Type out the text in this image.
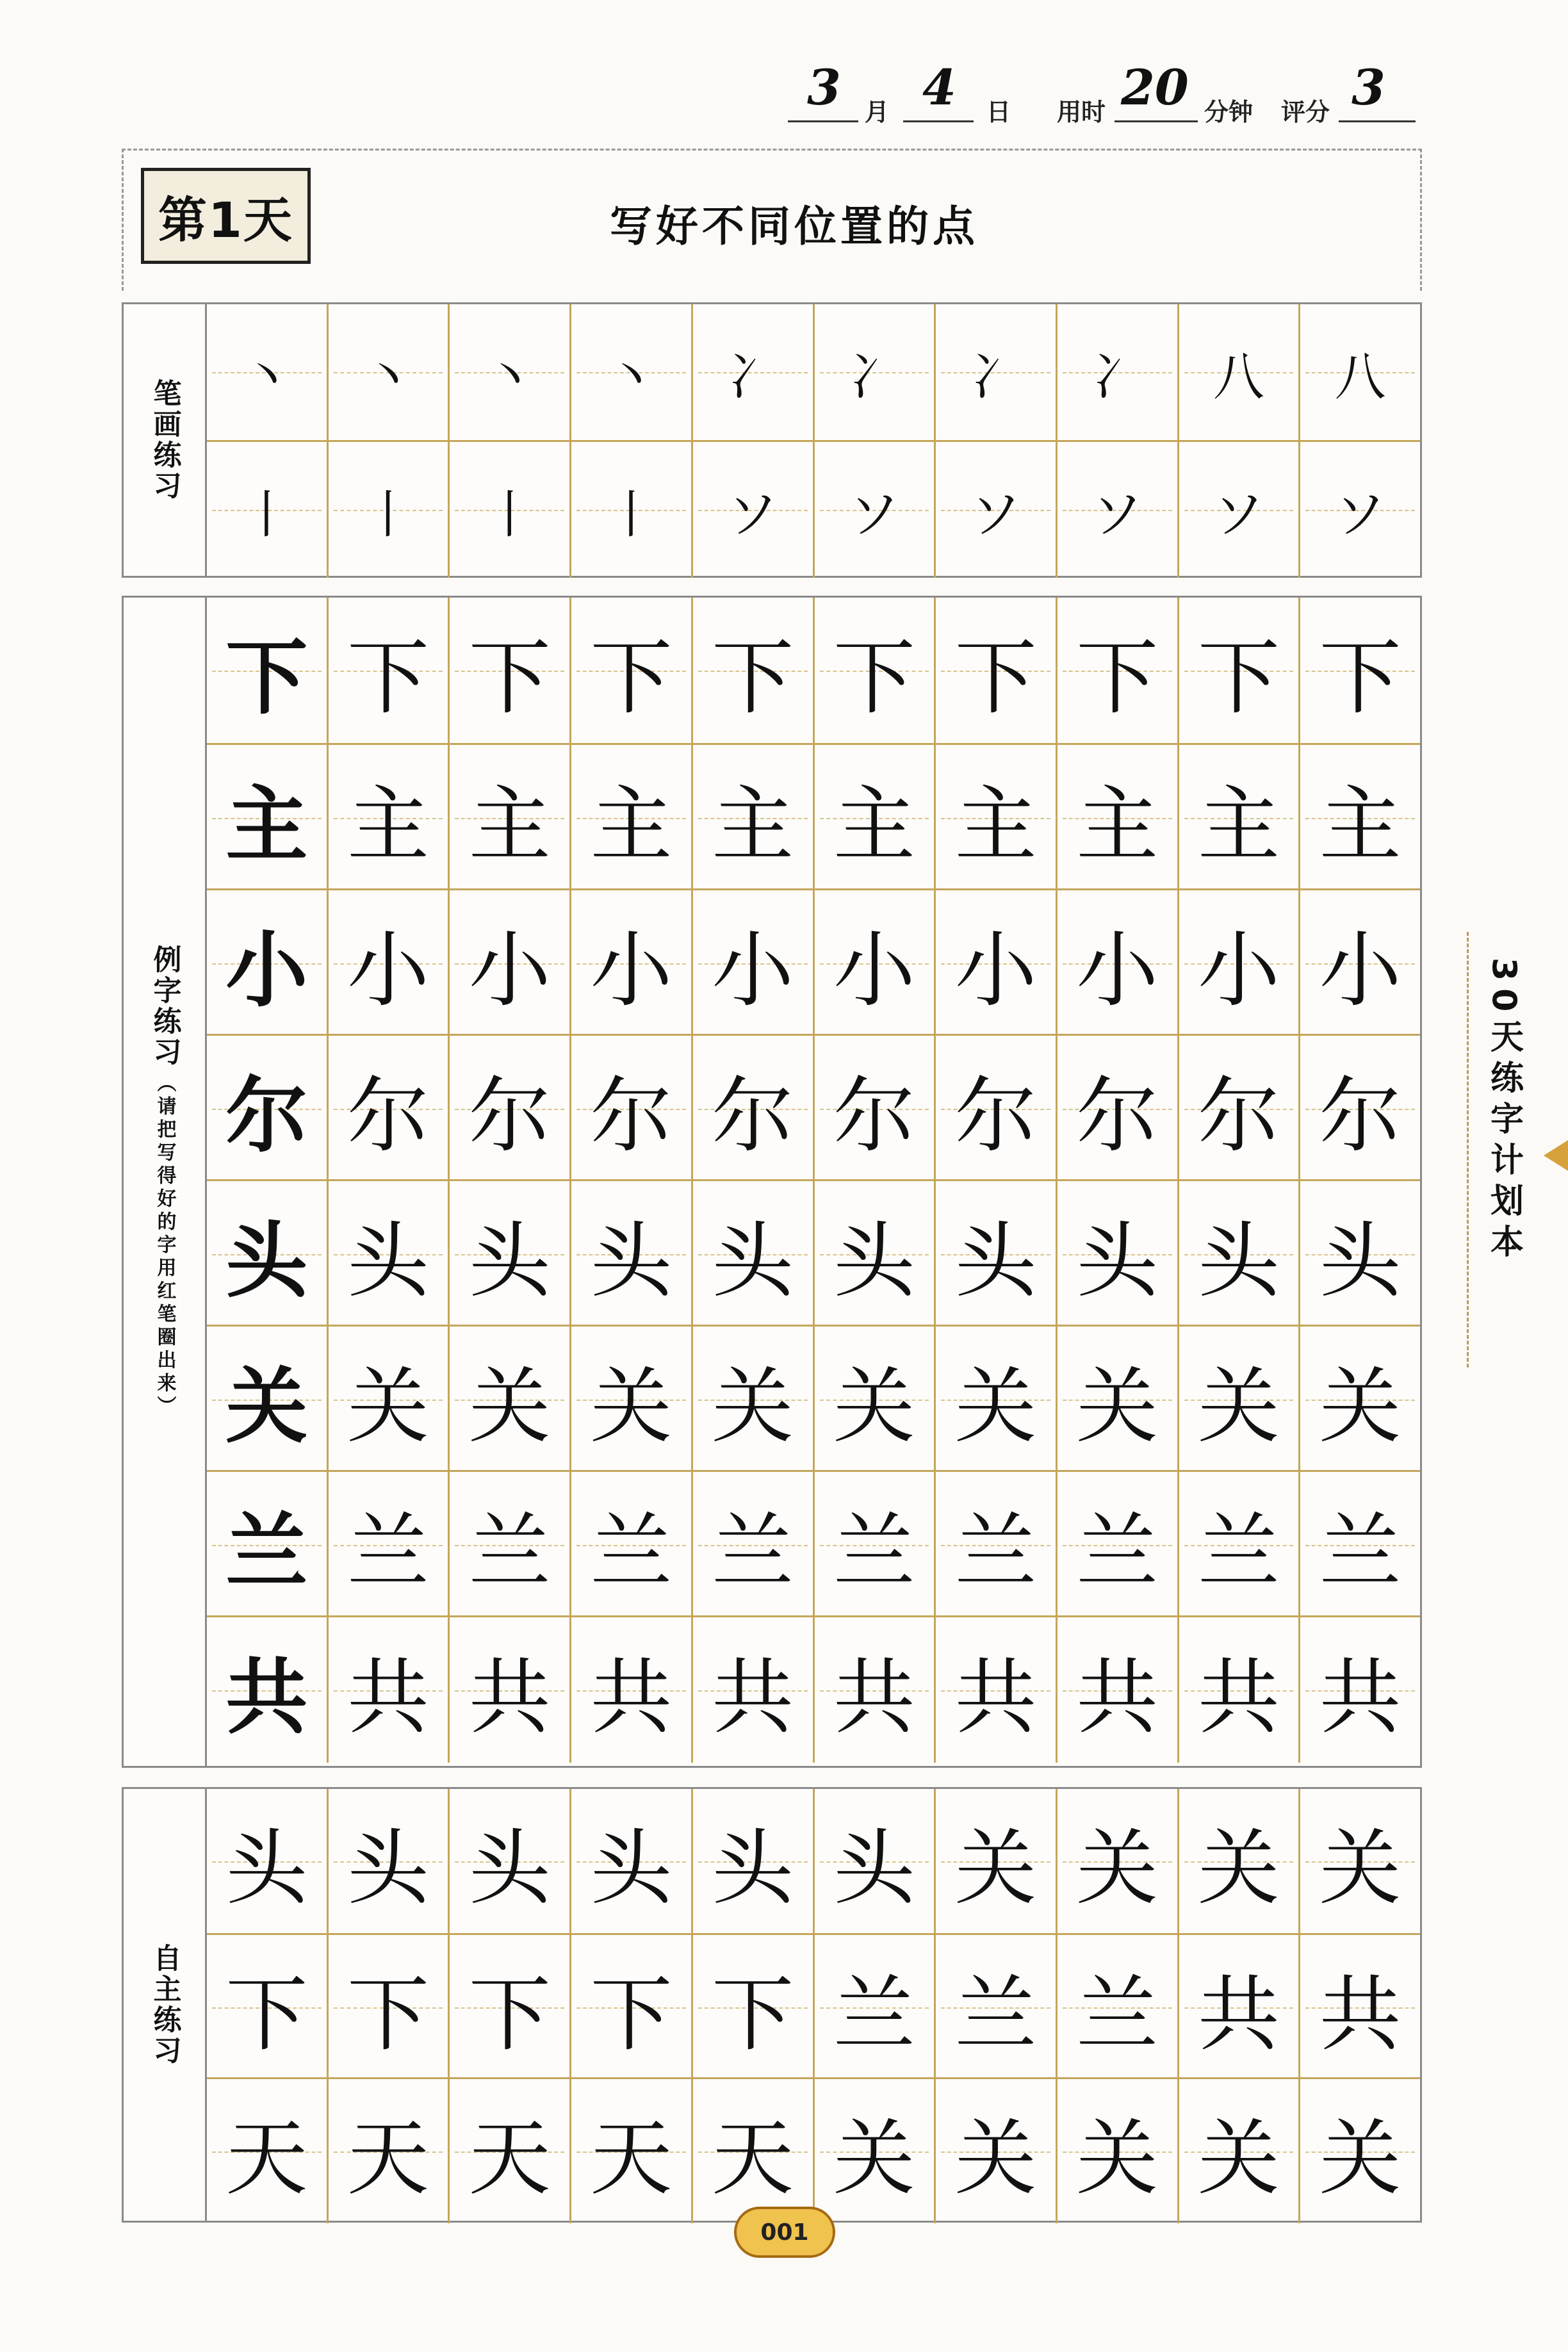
3 月 4 日 用时 20 分钟 评分 3
第1天	写好不同位置的点
笔画练习
丶 丶 丶 丶 冫 冫 冫 冫 八 八
丨 丨 丨 丨 ソ ソ ソ ソ ソ ソ
例字练习
（请把写得好的字用红笔圈出来）
下 下 下 下 下 下 下 下 下 下
主 主 主 主 主 主 主 主 主 主
小 小 小 小 小 小 小 小 小 小
尔 尔 尔 尔 尔 尔 尔 尔 尔 尔
头 头 头 头 头 头 头 头 头 头
关 关 关 关 关 关 关 关 关 关
兰 兰 兰 兰 兰 兰 兰 兰 兰 兰
共 共 共 共 共 共 共 共 共 共
自主练习
头 头 头 头 头 头 关 关 关 关
下 下 下 下 下 兰 兰 兰 共 共
天 天 天 天 天 关 关 关 关 关
30天练字计划本
001
